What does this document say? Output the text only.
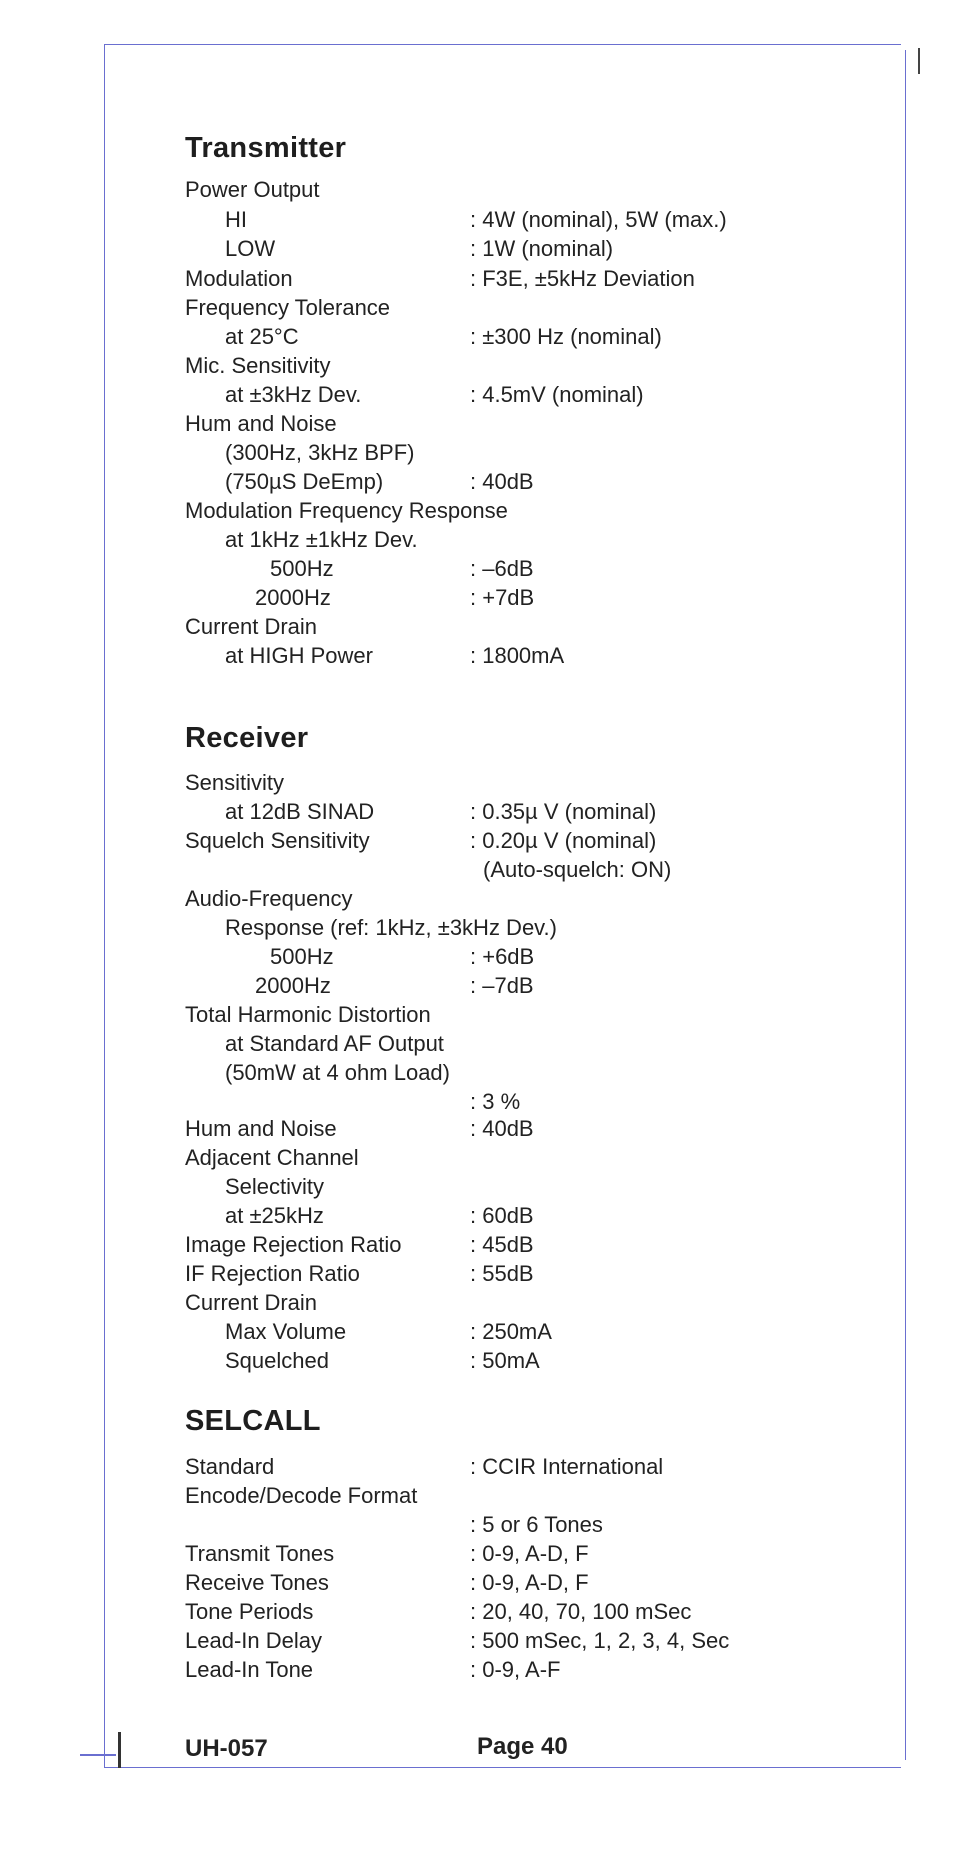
Transmitter
Power Output
HI	: 4W (nominal), 5W (max.)
LOW	: 1W (nominal)
Modulation	: F3E, ±5kHz Deviation
Frequency Tolerance
at 25°C	: ±300 Hz (nominal)
Mic. Sensitivity
at ±3kHz Dev.	: 4.5mV (nominal)
Hum and Noise
(300Hz, 3kHz BPF)
(750µS DeEmp)	: 40dB
Modulation Frequency Response
at 1kHz ±1kHz Dev.
500Hz	: –6dB
2000Hz	: +7dB
Current Drain
at HIGH Power	: 1800mA
Receiver
Sensitivity
at 12dB SINAD	: 0.35µ V (nominal)
Squelch Sensitivity	: 0.20µ V (nominal)
(Auto-squelch: ON)
Audio-Frequency
Response (ref: 1kHz, ±3kHz Dev.)
500Hz	: +6dB
2000Hz	: –7dB
Total Harmonic Distortion
at Standard AF Output
(50mW at 4 ohm Load)
: 3 %
Hum and Noise	: 40dB
Adjacent Channel
Selectivity
at ±25kHz	: 60dB
Image Rejection Ratio	: 45dB
IF Rejection Ratio	: 55dB
Current Drain
Max Volume	: 250mA
Squelched	: 50mA
SELCALL
Standard	: CCIR International
Encode/Decode Format
: 5 or 6 Tones
Transmit Tones	: 0-9, A-D, F
Receive Tones	: 0-9, A-D, F
Tone Periods	: 20, 40, 70, 100 mSec
Lead-In Delay	: 500 mSec, 1, 2, 3, 4, Sec
Lead-In Tone	: 0-9, A-F
UH-057	Page 40
